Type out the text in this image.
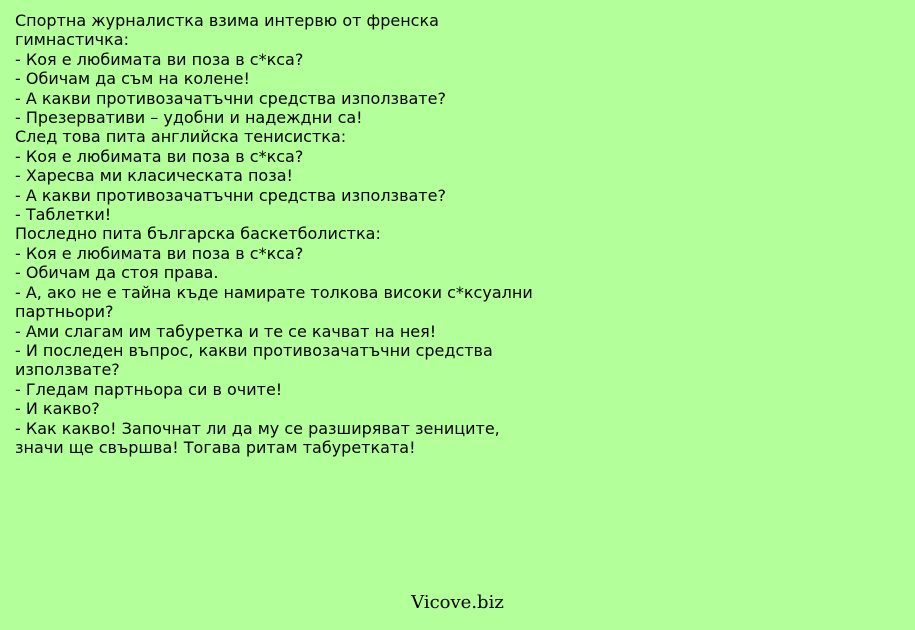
Спортна журналистка взима интервю от френска
гимнастичка:
- Коя е любимата ви поза в с*кса?
- Обичам да съм на колене!
- А какви противозачатъчни средства използвате?
- Презервативи – удобни и надеждни са!
След това пита английска тенисистка:
- Коя е любимата ви поза в с*кса?
- Харесва ми класическата поза!
- А какви противозачатъчни средства използвате?
- Таблетки!
Последно пита българска баскетболистка:
- Коя е любимата ви поза в с*кса?
- Обичам да стоя права.
- А, ако не е тайна къде намирате толкова високи с*ксуални
партньори?
- Ами слагам им табуретка и те се качват на нея!
- И последен въпрос, какви противозачатъчни средства
използвате?
- Гледам партньора си в очите!
- И какво?
- Как какво! Започнат ли да му се разширяват зениците,
значи ще свършва! Тогава ритам табуретката!
Vicove.biz
